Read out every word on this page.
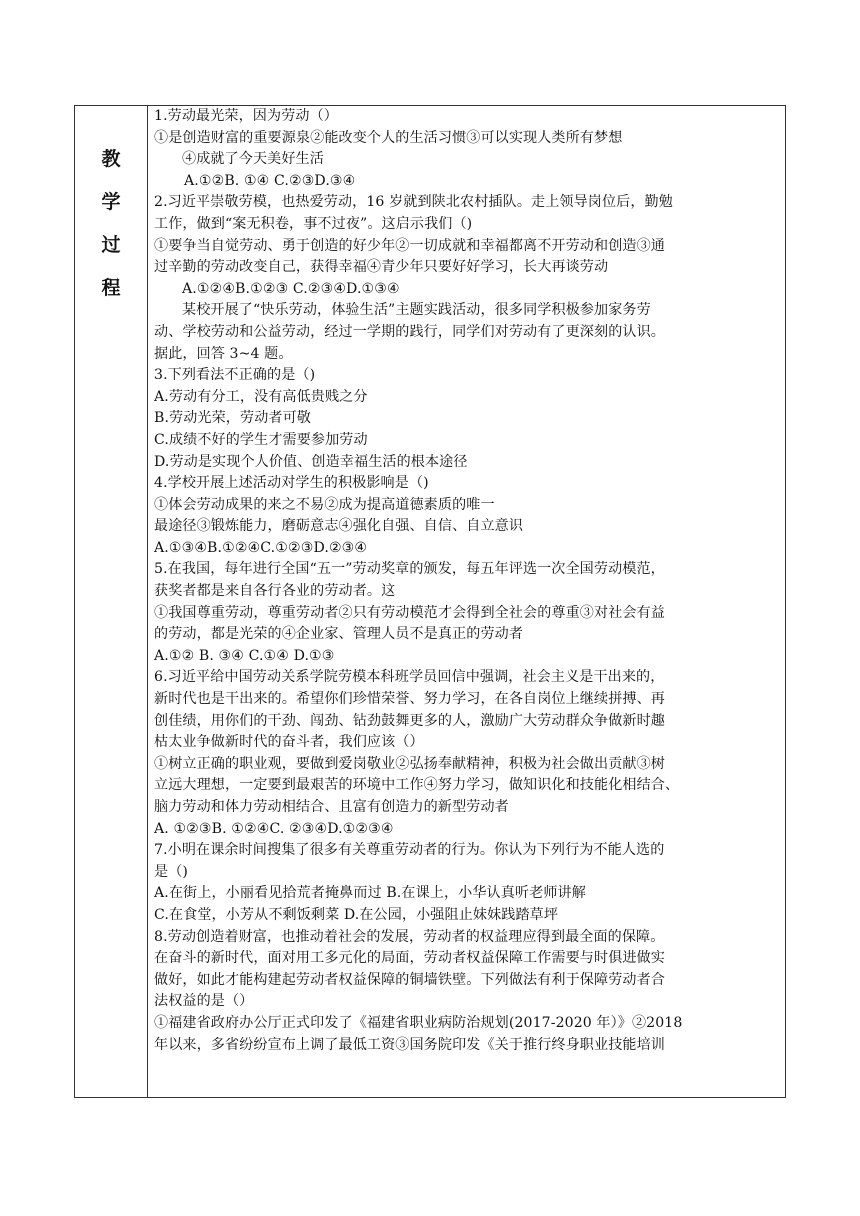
教
学
过
程

1.劳动最光荣，因为劳动（）

①是创造财富的重要源泉②能改变个人的生活习惯③可以实现人类所有梦想

④成就了今天美好生活

A.①②B. ①④ C.②③D.③④

2.习近平崇敬劳模，也热爱劳动，16 岁就到陕北农村插队。走上领导岗位后，勤勉

工作，做到“案无积卷，事不过夜”。这启示我们（)

①要争当自觉劳动、勇于创造的好少年②一切成就和幸福都离不开劳动和创造③通

过辛勤的劳动改变自己，获得幸福④青少年只要好好学习，长大再谈劳动

A.①②④B.①②③ C.②③④D.①③④

某校开展了“快乐劳动，体验生活”主题实践活动，很多同学积极参加家务劳

动、学校劳动和公益劳动，经过一学期的践行，同学们对劳动有了更深刻的认识。

据此，回答 3~4 题。

3.下列看法不正确的是（)

A.劳动有分工，没有高低贵贱之分

B.劳动光荣，劳动者可敬

C.成绩不好的学生才需要参加劳动

D.劳动是实现个人价值、创造幸福生活的根本途径

4.学校开展上述活动对学生的积极影响是（)

①体会劳动成果的来之不易②成为提高道德素质的唯一

最途径③锻炼能力，磨砺意志④强化自强、自信、自立意识

A.①③④B.①②④C.①②③D.②③④

5.在我国，每年进行全国“五一”劳动奖章的颁发，每五年评选一次全国劳动模范，

获奖者都是来自各行各业的劳动者。这

①我国尊重劳动，尊重劳动者②只有劳动模范才会得到全社会的尊重③对社会有益

的劳动，都是光荣的④企业家、管理人员不是真正的劳动者

A.①② B. ③④ C.①④ D.①③

6.习近平给中国劳动关系学院劳模本科班学员回信中强调，社会主义是干出来的，

新时代也是干出来的。希望你们珍惜荣誉、努力学习，在各自岗位上继续拼搏、再

创佳绩，用你们的干劲、闯劲、钻劲鼓舞更多的人，激励广大劳动群众争做新时趣

枯太业争做新时代的奋斗者，我们应该（）

①树立正确的职业观，要做到爱岗敬业②弘扬奉献精神，积极为社会做出贡献③树

立远大理想，一定要到最艰苦的环境中工作④努力学习，做知识化和技能化相结合、

脑力劳动和体力劳动相结合、且富有创造力的新型劳动者

A. ①②③B. ①②④C. ②③④D.①②③④

7.小明在课余时间搜集了很多有关尊重劳动者的行为。你认为下列行为不能人选的

是（)

A.在街上，小丽看见拾荒者掩鼻而过 B.在课上，小华认真听老师讲解

C.在食堂，小芳从不剩饭剩菜 D.在公园，小强阻止妹妹践踏草坪

8.劳动创造着财富，也推动着社会的发展，劳动者的权益理应得到最全面的保障。

在奋斗的新时代，面对用工多元化的局面，劳动者权益保障工作需要与时俱进做实

做好，如此才能构建起劳动者权益保障的铜墙铁壁。下列做法有利于保障劳动者合

法权益的是（）

①福建省政府办公厅正式印发了《福建省职业病防治规划(2017-2020 年）》②2018

年以来，多省纷纷宣布上调了最低工资③国务院印发《关于推行终身职业技能培训
